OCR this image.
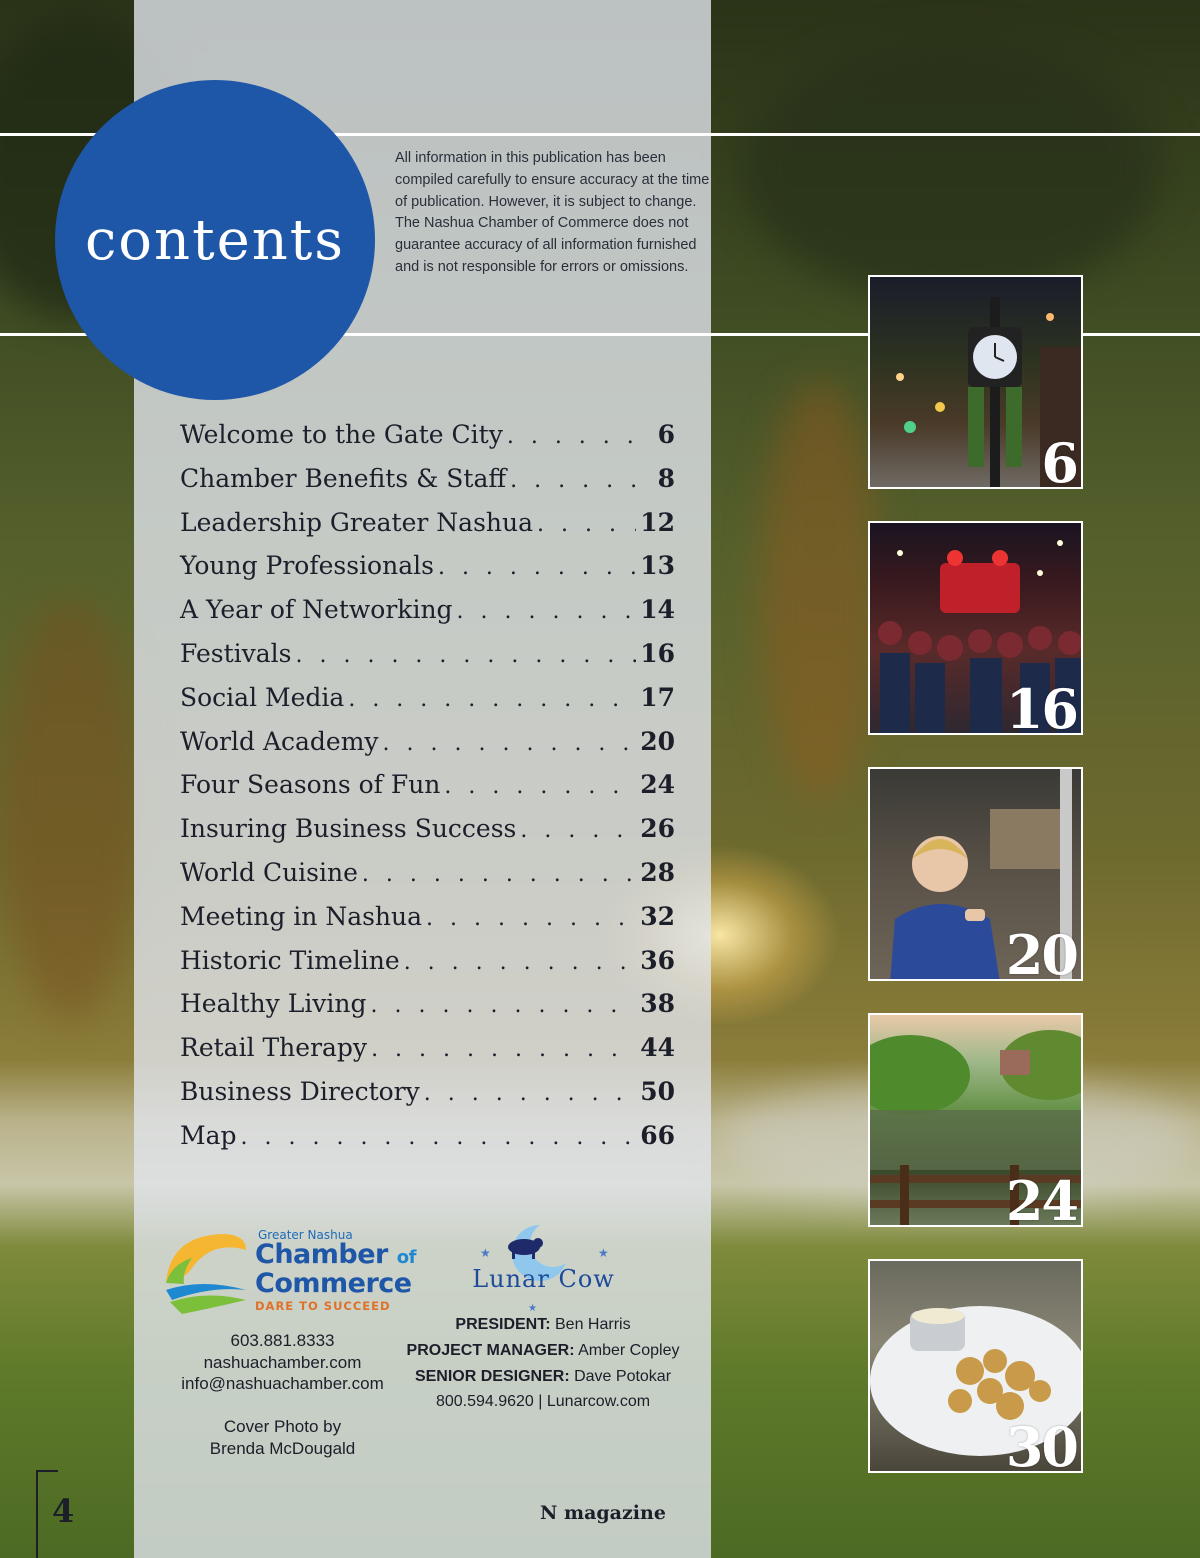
contents
All information in this publication has been compiled carefully to ensure accuracy at the time of publication. However, it is subject to change. The Nashua Chamber of Commerce does not guarantee accuracy of all information furnished and is not responsible for errors or omissions.
Welcome to the Gate City . . .	6
Chamber Benefits & Staff . . .	8
Leadership Greater Nashua . . .	12
Young Professionals . . .	13
A Year of Networking . . .	14
Festivals . . .	16
Social Media . . .	17
World Academy . . .	20
Four Seasons of Fun . . .	24
Insuring Business Success . . .	26
World Cuisine . . .	28
Meeting in Nashua . . .	32
Historic Timeline . . .	36
Healthy Living . . .	38
Retail Therapy . . .	44
Business Directory . . .	50
Map . . .	66
6
16
20
24
30
Greater Nashua
Chamber of
Commerce
DARE TO SUCCEED
603.881.8333
nashuachamber.com
info@nashuachamber.com
Cover Photo by
Brenda McDougald
★	★
★
Lunar Cow
PRESIDENT: Ben Harris
PROJECT MANAGER: Amber Copley
SENIOR DESIGNER: Dave Potokar
800.594.9620 | Lunarcow.com
4	N magazine
